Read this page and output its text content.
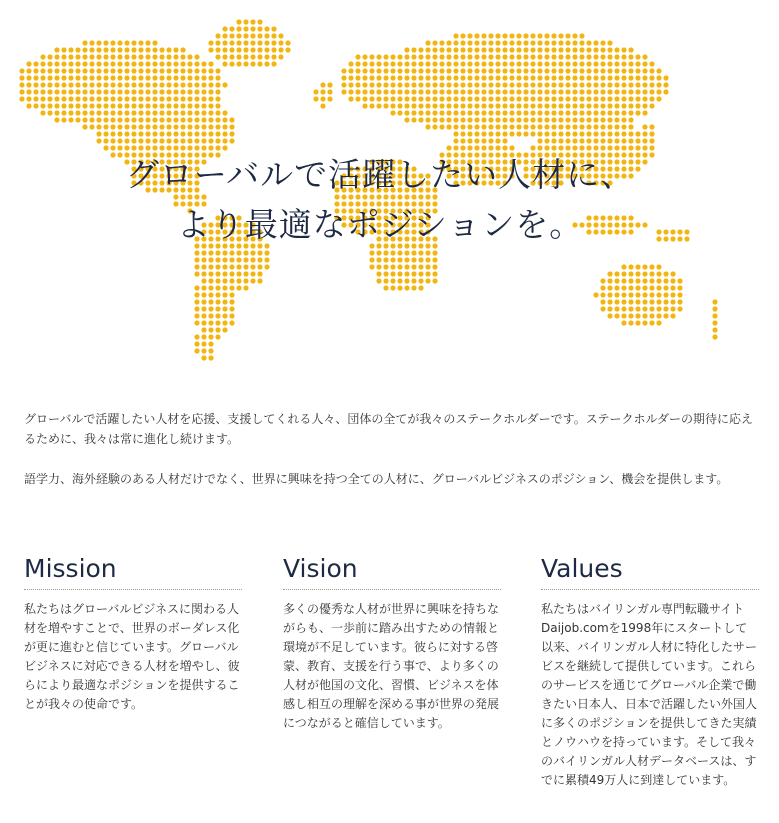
グローバルで活躍したい人材に、
より最適なポジションを。

グローバルで活躍したい人材を応援、支援してくれる人々、団体の全てが我々のステークホルダーです。ステークホルダーの期待に応えるために、我々は常に進化し続けます。

語学力、海外経験のある人材だけでなく、世界に興味を持つ全ての人材に、グローバルビジネスのポジション、機会を提供します。

Mission

私たちはグローバルビジネスに関わる人材を増やすことで、世界のボーダレス化が更に進むと信じています。グローバルビジネスに対応できる人材を増やし、彼らにより最適なポジションを提供することが我々の使命です。

Vision

多くの優秀な人材が世界に興味を持ちながらも、一歩前に踏み出すための情報と環境が不足しています。彼らに対する啓蒙、教育、支援を行う事で、より多くの人材が他国の文化、習慣、ビジネスを体感し相互の理解を深める事が世界の発展につながると確信しています。

Values

私たちはバイリンガル専門転職サイトDaijob.comを1998年にスタートして以来、バイリンガル人材に特化したサービスを継続して提供しています。これらのサービスを通じてグローバル企業で働きたい日本人、日本で活躍したい外国人に多くのポジションを提供してきた実績とノウハウを持っています。そして我々のバイリンガル人材データベースは、すでに累積49万人に到達しています。
